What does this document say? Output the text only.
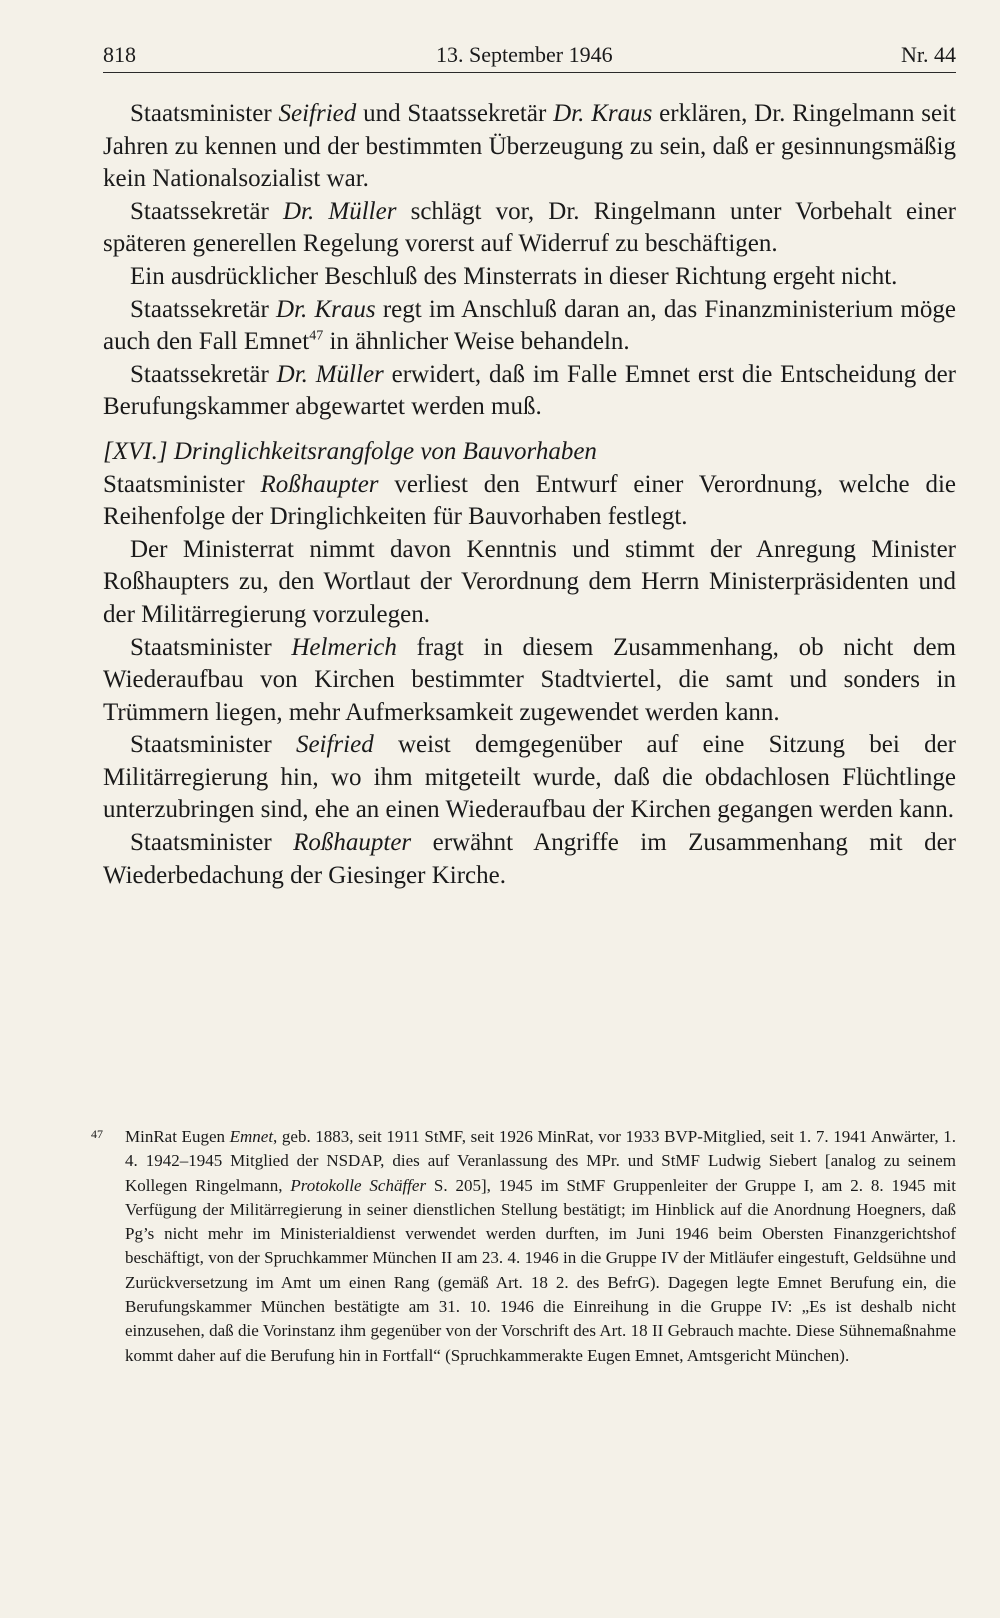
818	13. September 1946	Nr. 44

Staatsminister Seifried und Staatssekretär Dr. Kraus erklären, Dr. Ringelmann seit Jahren zu kennen und der bestimmten Überzeugung zu sein, daß er gesinnungsmäßig kein Nationalsozialist war.

Staatssekretär Dr. Müller schlägt vor, Dr. Ringelmann unter Vorbehalt einer späteren generellen Regelung vorerst auf Widerruf zu beschäftigen.

Ein ausdrücklicher Beschluß des Minsterrats in dieser Richtung ergeht nicht.

Staatssekretär Dr. Kraus regt im Anschluß daran an, das Finanzministerium möge auch den Fall Emnet$^{47}$ in ähnlicher Weise behandeln.

Staatssekretär Dr. Müller erwidert, daß im Falle Emnet erst die Entscheidung der Berufungskammer abgewartet werden muß.

[XVI.] Dringlichkeitsrangfolge von Bauvorhaben

Staatsminister Roßhaupter verliest den Entwurf einer Verordnung, welche die Reihenfolge der Dringlichkeiten für Bauvorhaben festlegt.

Der Ministerrat nimmt davon Kenntnis und stimmt der Anregung Minister Roßhaupters zu, den Wortlaut der Verordnung dem Herrn Ministerpräsidenten und der Militärregierung vorzulegen.

Staatsminister Helmerich fragt in diesem Zusammenhang, ob nicht dem Wiederaufbau von Kirchen bestimmter Stadtviertel, die samt und sonders in Trümmern liegen, mehr Aufmerksamkeit zugewendet werden kann.

Staatsminister Seifried weist demgegenüber auf eine Sitzung bei der Militärregierung hin, wo ihm mitgeteilt wurde, daß die obdachlosen Flüchtlinge unterzubringen sind, ehe an einen Wiederaufbau der Kirchen gegangen werden kann.

Staatsminister Roßhaupter erwähnt Angriffe im Zusammenhang mit der Wiederbedachung der Giesinger Kirche.

47 MinRat Eugen Emnet, geb. 1883, seit 1911 StMF, seit 1926 MinRat, vor 1933 BVP-Mitglied, seit 1. 7. 1941 Anwärter, 1. 4. 1942–1945 Mitglied der NSDAP, dies auf Veranlassung des MPr. und StMF Ludwig Siebert [analog zu seinem Kollegen Ringelmann, Protokolle Schäffer S. 205], 1945 im StMF Gruppenleiter der Gruppe I, am 2. 8. 1945 mit Verfügung der Militärregierung in seiner dienstlichen Stellung bestätigt; im Hinblick auf die Anordnung Hoegners, daß Pg’s nicht mehr im Ministerialdienst verwendet werden durften, im Juni 1946 beim Obersten Finanzgerichtshof beschäftigt, von der Spruchkammer München II am 23. 4. 1946 in die Gruppe IV der Mitläufer eingestuft, Geldsühne und Zurückversetzung im Amt um einen Rang (gemäß Art. 18 2. des BefrG). Dagegen legte Emnet Berufung ein, die Berufungskammer München bestätigte am 31. 10. 1946 die Einreihung in die Gruppe IV: „Es ist deshalb nicht einzusehen, daß die Vorinstanz ihm gegenüber von der Vorschrift des Art. 18 II Gebrauch machte. Diese Sühnemaßnahme kommt daher auf die Berufung hin in Fortfall“ (Spruchkammerakte Eugen Emnet, Amtsgericht München).
